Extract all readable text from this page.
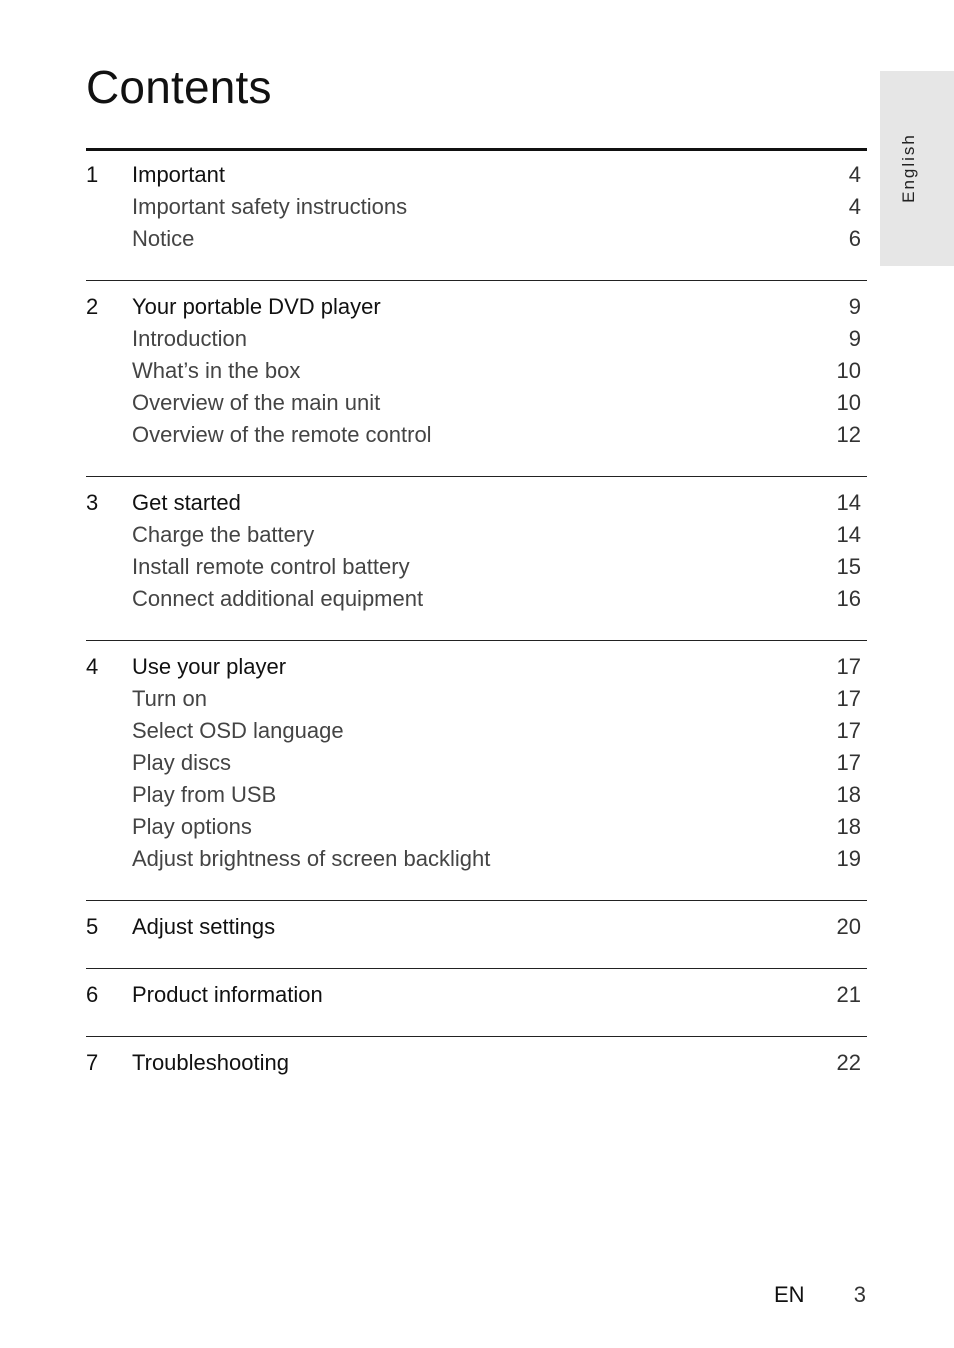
Contents
English
1	Important	4
Important safety instructions	4
Notice	6
2	Your portable DVD player	9
Introduction	9
What’s in the box	10
Overview of the main unit	10
Overview of the remote control	12
3	Get started	14
Charge the battery	14
Install remote control battery	15
Connect additional equipment	16
4	Use your player	17
Turn on	17
Select OSD language	17
Play discs	17
Play from USB	18
Play options	18
Adjust brightness of screen backlight	19
5	Adjust settings	20
6	Product information	21
7	Troubleshooting	22
EN 3
